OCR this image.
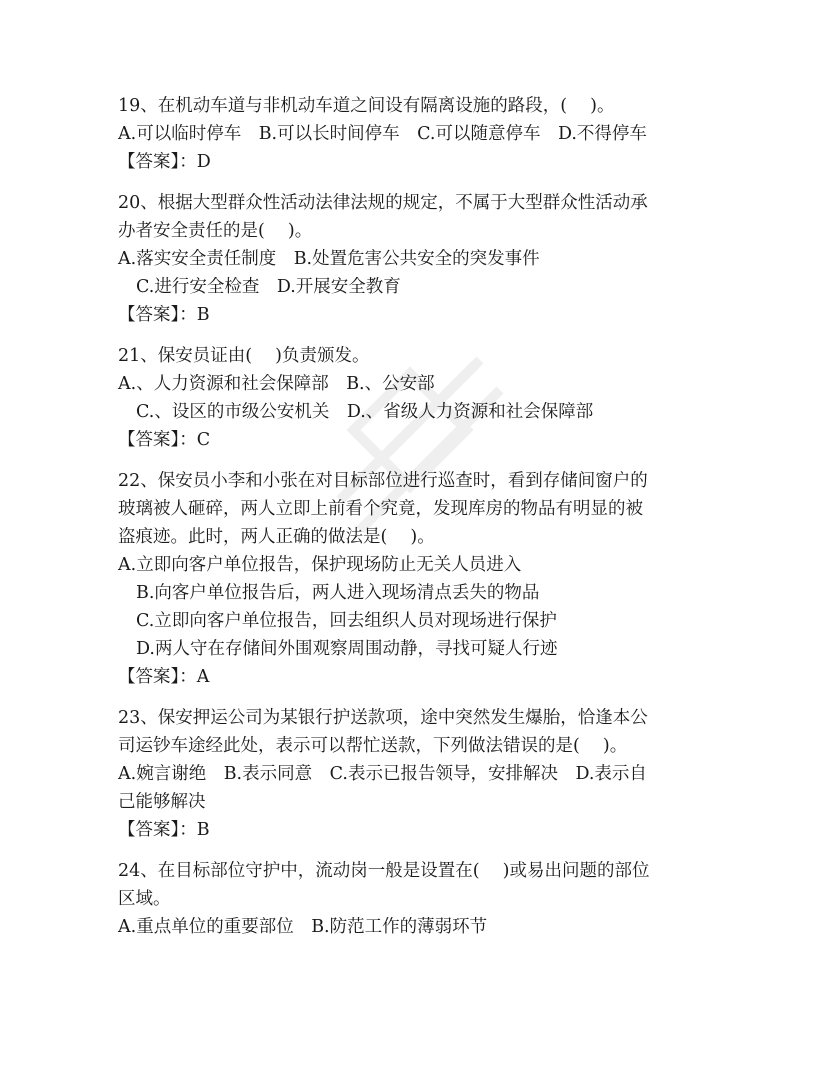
19、在机动车道与非机动车道之间设有隔离设施的路段，(　 )。

A.可以临时停车　B.可以长时间停车　C.可以随意停车　D.不得停车

【答案】：D

20、根据大型群众性活动法律法规的规定，不属于大型群众性活动承

办者安全责任的是(　 )。

A.落实安全责任制度　B.处置危害公共安全的突发事件

C.进行安全检查　D.开展安全教育

【答案】：B

21、保安员证由(　 )负责颁发。

A.、人力资源和社会保障部　B.、公安部

C.、设区的市级公安机关　D.、省级人力资源和社会保障部

【答案】：C

22、保安员小李和小张在对目标部位进行巡查时，看到存储间窗户的

玻璃被人砸碎，两人立即上前看个究竟，发现库房的物品有明显的被

盗痕迹。此时，两人正确的做法是(　 )。

A.立即向客户单位报告，保护现场防止无关人员进入

B.向客户单位报告后，两人进入现场清点丢失的物品

C.立即向客户单位报告，回去组织人员对现场进行保护

D.两人守在存储间外围观察周围动静，寻找可疑人行迹

【答案】：A

23、保安押运公司为某银行护送款项，途中突然发生爆胎，恰逢本公

司运钞车途经此处，表示可以帮忙送款，下列做法错误的是(　 )。

A.婉言谢绝　B.表示同意　C.表示已报告领导，安排解决　D.表示自

己能够解决

【答案】：B

24、在目标部位守护中，流动岗一般是设置在(　 )或易出问题的部位

区域。

A.重点单位的重要部位　B.防范工作的薄弱环节
